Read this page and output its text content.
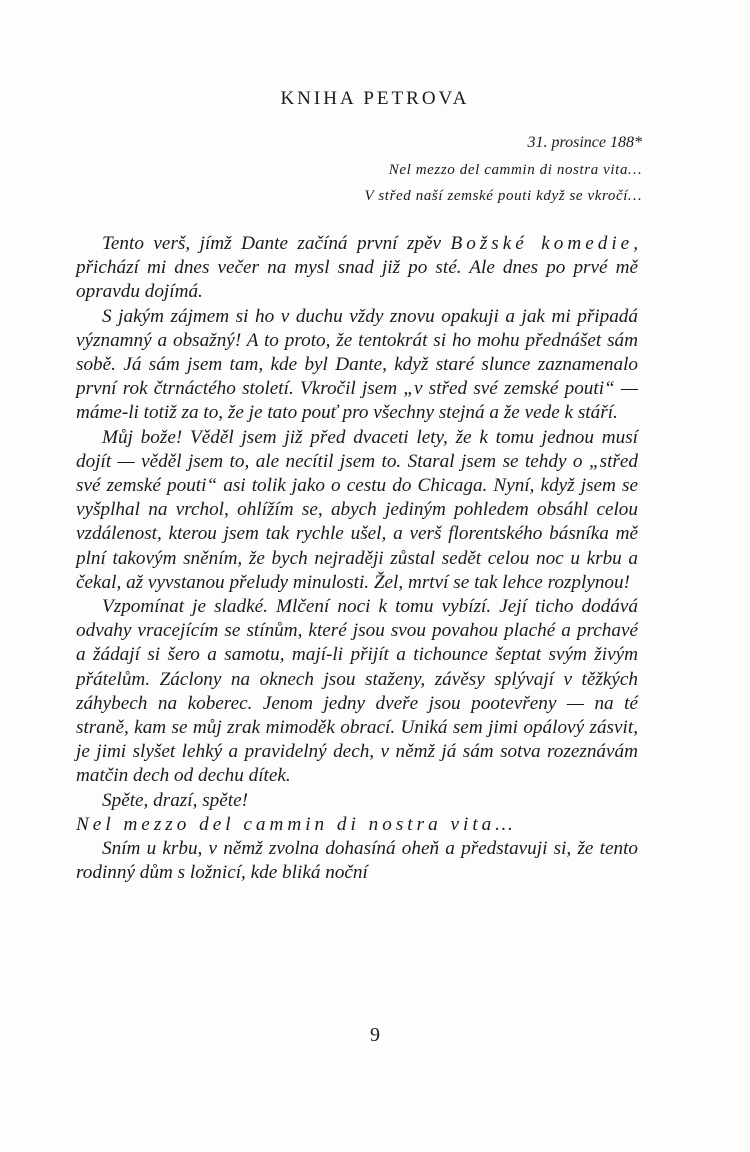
KNIHA PETROVA
31. prosince 188*
Nel mezzo del cammin di nostra vita…
V střed naší zemské pouti když se vkročí…

Tento verš, jímž Dante začíná první zpěv Božské komedie, přichází mi dnes večer na mysl snad již po sté. Ale dnes po prvé mě opravdu dojímá.

S jakým zájmem si ho v duchu vždy znovu opakuji a jak mi připadá významný a obsažný! A to proto, že tentokrát si ho mohu přednášet sám sobě. Já sám jsem tam, kde byl Dante, když staré slunce zaznamenalo první rok čtrnáctého století. Vkročil jsem „v střed své zemské pouti“ — máme-li totiž za to, že je tato pouť pro všechny stejná a že vede k stáří.

Můj bože! Věděl jsem již před dvaceti lety, že k tomu jednou musí dojít — věděl jsem to, ale necítil jsem to. Staral jsem se tehdy o „střed své zemské pouti“ asi tolik jako o cestu do Chicaga. Nyní, když jsem se vyšplhal na vrchol, ohlížím se, abych jediným pohledem obsáhl celou vzdálenost, kterou jsem tak rychle ušel, a verš florentského básníka mě plní takovým sněním, že bych nejraději zůstal sedět celou noc u krbu a čekal, až vyvstanou přeludy minulosti. Žel, mrtví se tak lehce rozplynou!

Vzpomínat je sladké. Mlčení noci k tomu vybízí. Její ticho dodává odvahy vracejícím se stínům, které jsou svou povahou plaché a prchavé a žádají si šero a samotu, mají-li přijít a tichounce šeptat svým živým přátelům. Záclony na oknech jsou staženy, závěsy splývají v těžkých záhybech na koberec. Jenom jedny dveře jsou pootevřeny — na té straně, kam se můj zrak mimoděk obrací. Uniká sem jimi opálový zásvit, je jimi slyšet lehký a pravidelný dech, v němž já sám sotva rozeznávám matčin dech od dechu dítek.

Spěte, drazí, spěte!

Nel mezzo del cammin di nostra vita…

Sním u krbu, v němž zvolna dohasíná oheň a představuji si, že tento rodinný dům s ložnicí, kde bliká noční

9
